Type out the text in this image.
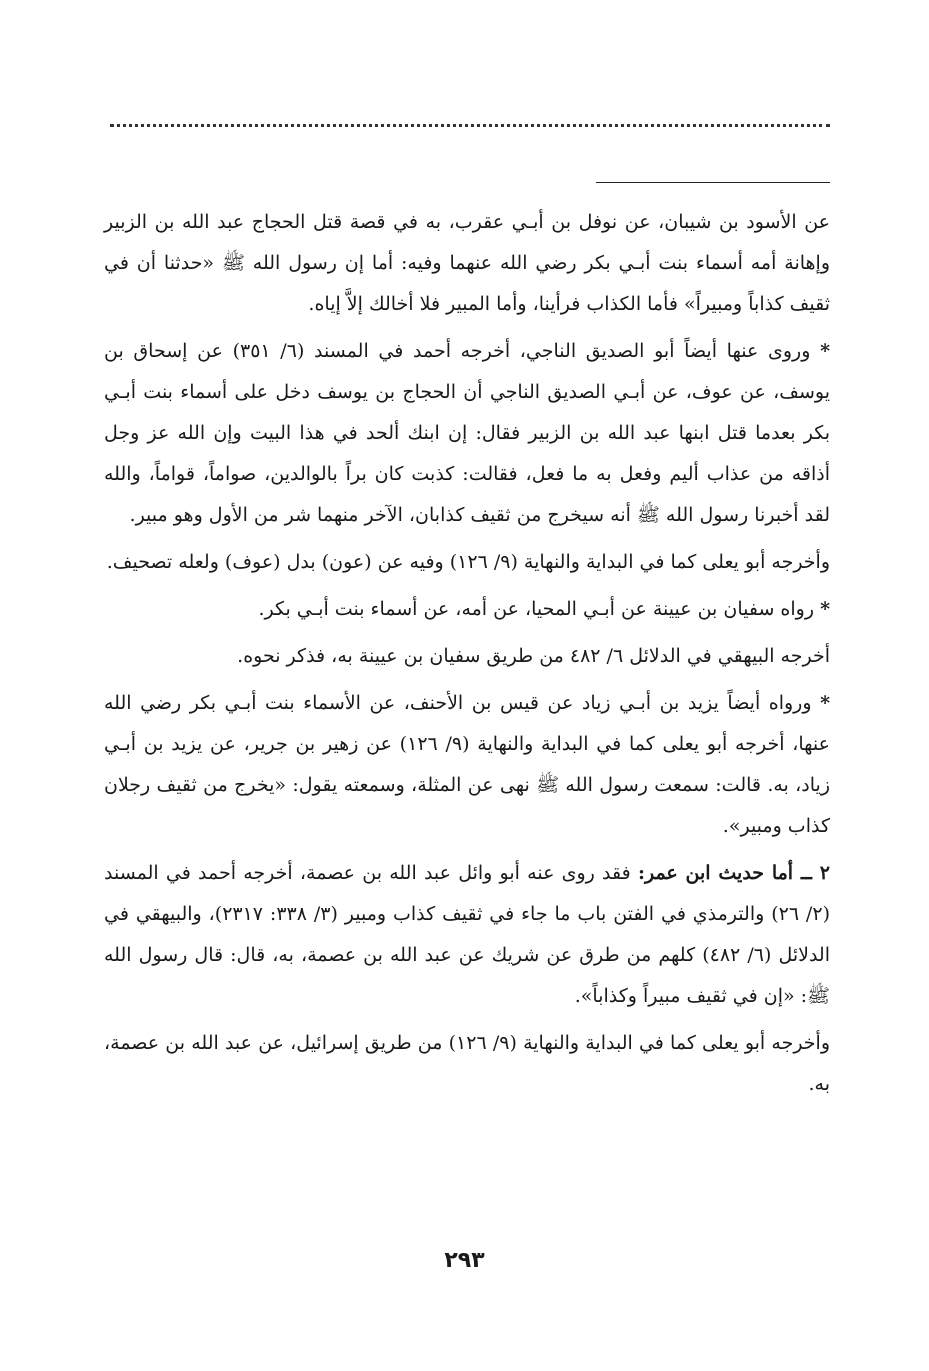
عن الأسود بن شيبان، عن نوفل بن أبـي عقرب، به في قصة قتل الحجاج عبد الله بن الزبير وإهانة أمه أسماء بنت أبـي بكر رضي الله عنهما وفيه: أما إن رسول الله ﷺ «حدثنا أن في ثقيف كذاباً ومبيراً» فأما الكذاب فرأينا، وأما المبير فلا أخالك إلاَّ إياه.

* وروى عنها أيضاً أبو الصديق الناجي، أخرجه أحمد في المسند (٦/ ٣٥١) عن إسحاق بن يوسف، عن عوف، عن أبـي الصديق الناجي أن الحجاج بن يوسف دخل على أسماء بنت أبـي بكر بعدما قتل ابنها عبد الله بن الزبير فقال: إن ابنك ألحد في هذا البيت وإن الله عز وجل أذاقه من عذاب أليم وفعل به ما فعل، فقالت: كذبت كان براً بالوالدين، صواماً، قواماً، والله لقد أخبرنا رسول الله ﷺ أنه سيخرج من ثقيف كذابان، الآخر منهما شر من الأول وهو مبير.

وأخرجه أبو يعلى كما في البداية والنهاية (٩/ ١٢٦) وفيه عن (عون) بدل (عوف) ولعله تصحيف.

* رواه سفيان بن عيينة عن أبـي المحيا، عن أمه، عن أسماء بنت أبـي بكر.

أخرجه البيهقي في الدلائل ٦/ ٤٨٢ من طريق سفيان بن عيينة به، فذكر نحوه.

* ورواه أيضاً يزيد بن أبـي زياد عن قيس بن الأحنف، عن الأسماء بنت أبـي بكر رضي الله عنها، أخرجه أبو يعلى كما في البداية والنهاية (٩/ ١٢٦) عن زهير بن جرير، عن يزيد بن أبـي زياد، به. قالت: سمعت رسول الله ﷺ نهى عن المثلة، وسمعته يقول: «يخرج من ثقيف رجلان كذاب ومبير».

٢ ــ أما حديث ابن عمر: فقد روى عنه أبو وائل عبد الله بن عصمة، أخرجه أحمد في المسند (٢/ ٢٦) والترمذي في الفتن باب ما جاء في ثقيف كذاب ومبير (٣/ ٣٣٨: ٢٣١٧)، والبيهقي في الدلائل (٦/ ٤٨٢) كلهم من طرق عن شريك عن عبد الله بن عصمة، به، قال: قال رسول الله ﷺ: «إن في ثقيف مبيراً وكذاباً».

وأخرجه أبو يعلى كما في البداية والنهاية (٩/ ١٢٦) من طريق إسرائيل، عن عبد الله بن عصمة، به.

٢٩٣
